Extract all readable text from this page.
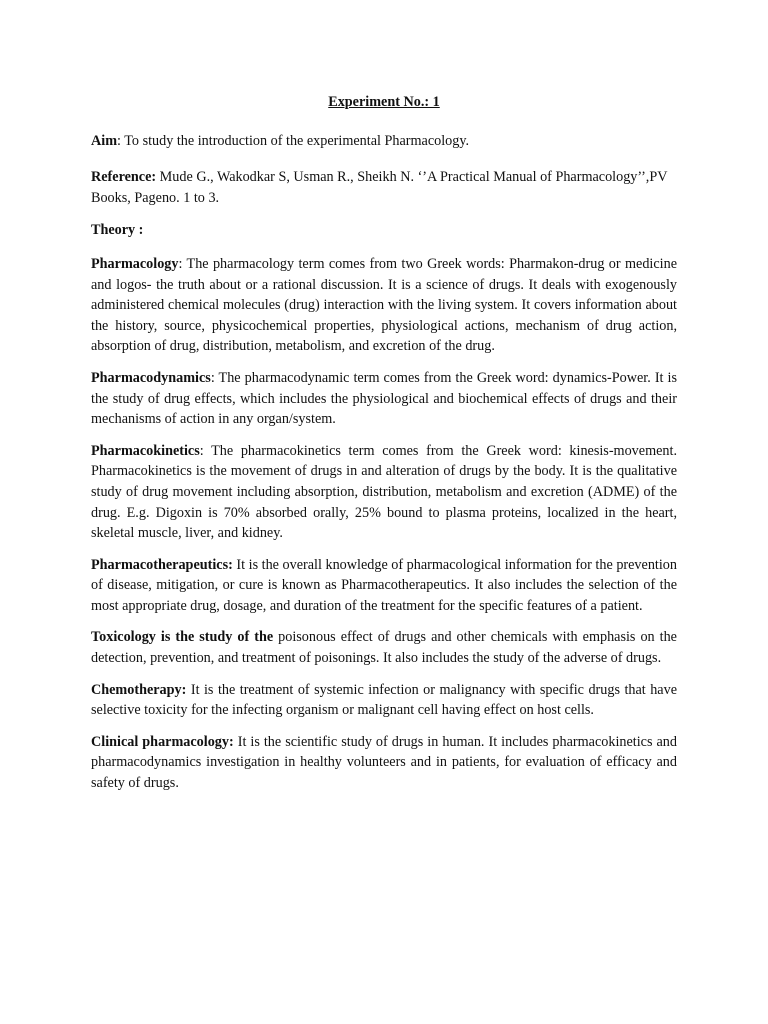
Experiment No.: 1

Aim: To study the introduction of the experimental Pharmacology.

Reference: Mude G., Wakodkar S, Usman R., Sheikh N. ‘’A Practical Manual of Pharmacology’’,PV Books, Pageno. 1 to 3.

Theory :

Pharmacology: The pharmacology term comes from two Greek words: Pharmakon-drug or medicine and logos- the truth about or a rational discussion. It is a science of drugs. It deals with exogenously administered chemical molecules (drug) interaction with the living system. It covers information about the history, source, physicochemical properties, physiological actions, mechanism of drug action, absorption of drug, distribution, metabolism, and excretion of the drug.

Pharmacodynamics: The pharmacodynamic term comes from the Greek word: dynamics-Power. It is the study of drug effects, which includes the physiological and biochemical effects of drugs and their mechanisms of action in any organ/system.

Pharmacokinetics: The pharmacokinetics term comes from the Greek word: kinesis-movement. Pharmacokinetics is the movement of drugs in and alteration of drugs by the body. It is the qualitative study of drug movement including absorption, distribution, metabolism and excretion (ADME) of the drug. E.g. Digoxin is 70% absorbed orally, 25% bound to plasma proteins, localized in the heart, skeletal muscle, liver, and kidney.

Pharmacotherapeutics: It is the overall knowledge of pharmacological information for the prevention of disease, mitigation, or cure is known as Pharmacotherapeutics. It also includes the selection of the most appropriate drug, dosage, and duration of the treatment for the specific features of a patient.

Toxicology is the study of the poisonous effect of drugs and other chemicals with emphasis on the detection, prevention, and treatment of poisonings. It also includes the study of the adverse of drugs.

Chemotherapy: It is the treatment of systemic infection or malignancy with specific drugs that have selective toxicity for the infecting organism or malignant cell having effect on host cells.

Clinical pharmacology: It is the scientific study of drugs in human. It includes pharmacokinetics and pharmacodynamics investigation in healthy volunteers and in patients, for evaluation of efficacy and safety of drugs.
